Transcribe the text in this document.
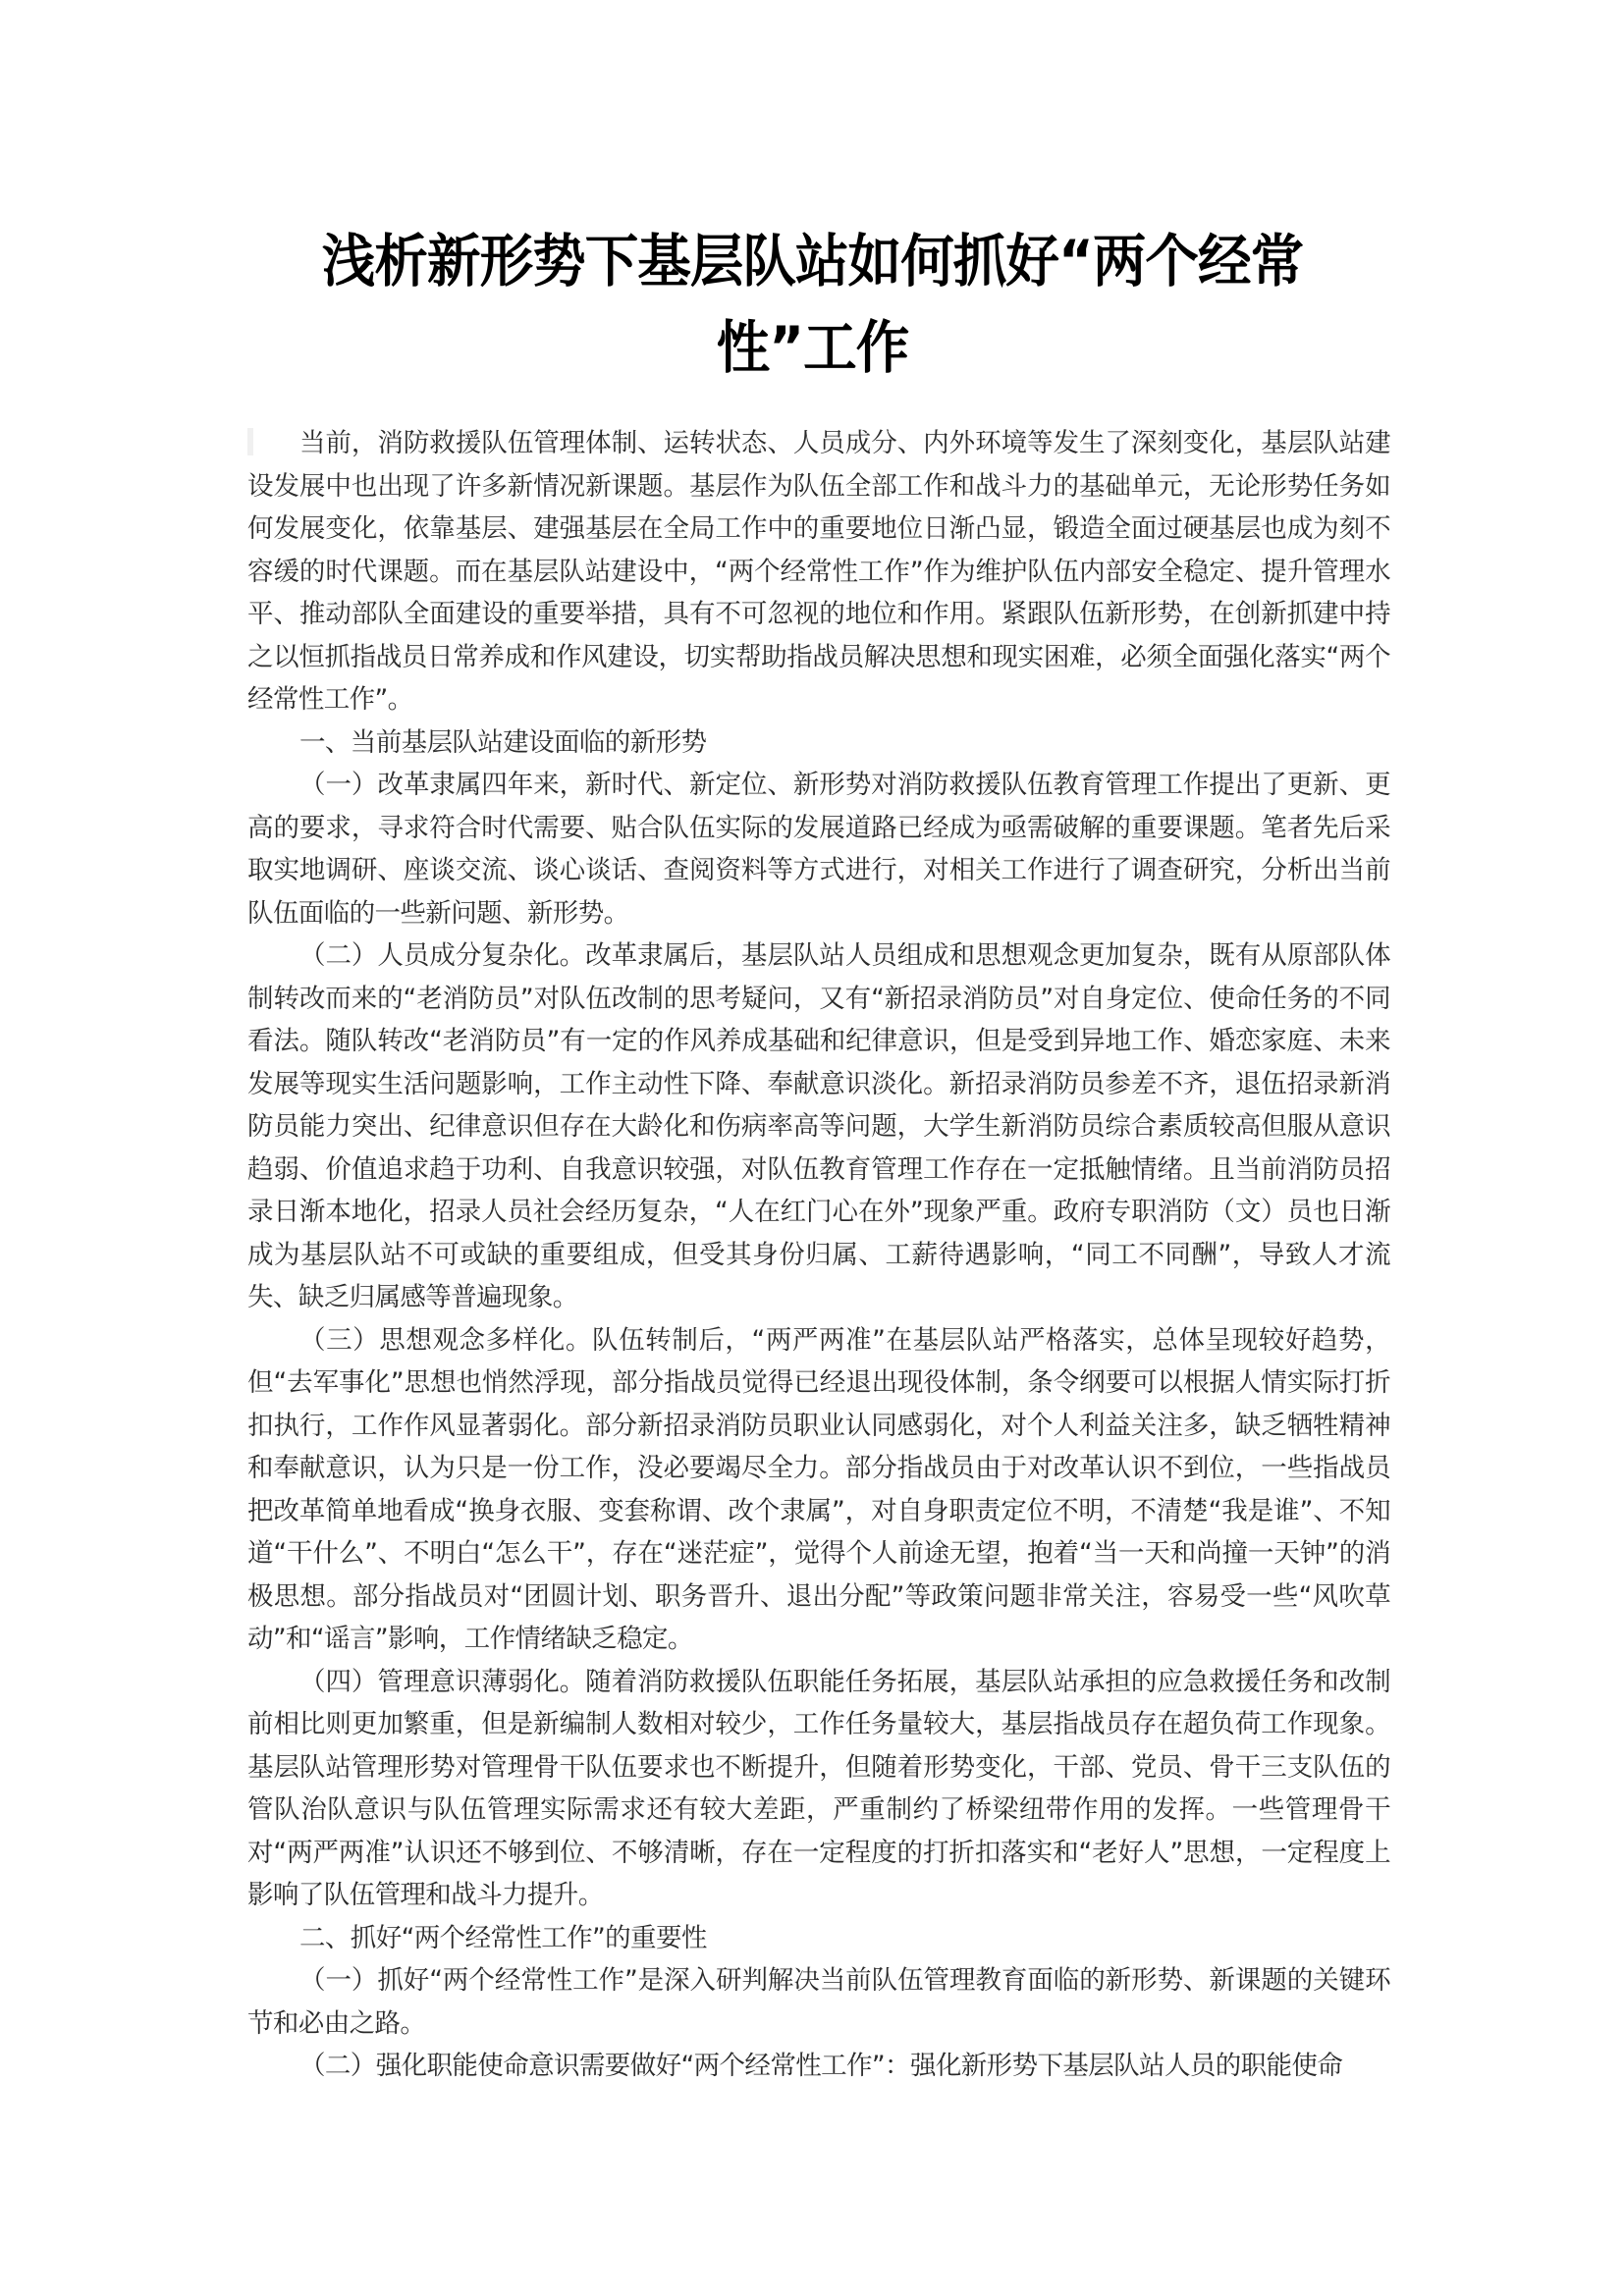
浅析新形势下基层队站如何抓好“两个经常性”工作

当前，消防救援队伍管理体制、运转状态、人员成分、内外环境等发生了深刻变化，基层队站建设发展中也出现了许多新情况新课题。基层作为队伍全部工作和战斗力的基础单元，无论形势任务如何发展变化，依靠基层、建强基层在全局工作中的重要地位日渐凸显，锻造全面过硬基层也成为刻不容缓的时代课题。而在基层队站建设中，“两个经常性工作”作为维护队伍内部安全稳定、提升管理水平、推动部队全面建设的重要举措，具有不可忽视的地位和作用。紧跟队伍新形势，在创新抓建中持之以恒抓指战员日常养成和作风建设，切实帮助指战员解决思想和现实困难，必须全面强化落实“两个经常性工作”。

一、当前基层队站建设面临的新形势

（一）改革隶属四年来，新时代、新定位、新形势对消防救援队伍教育管理工作提出了更新、更高的要求，寻求符合时代需要、贴合队伍实际的发展道路已经成为亟需破解的重要课题。笔者先后采取实地调研、座谈交流、谈心谈话、查阅资料等方式进行，对相关工作进行了调查研究，分析出当前队伍面临的一些新问题、新形势。

（二）人员成分复杂化。改革隶属后，基层队站人员组成和思想观念更加复杂，既有从原部队体制转改而来的“老消防员”对队伍改制的思考疑问，又有“新招录消防员”对自身定位、使命任务的不同看法。随队转改“老消防员”有一定的作风养成基础和纪律意识，但是受到异地工作、婚恋家庭、未来发展等现实生活问题影响，工作主动性下降、奉献意识淡化。新招录消防员参差不齐，退伍招录新消防员能力突出、纪律意识但存在大龄化和伤病率高等问题，大学生新消防员综合素质较高但服从意识趋弱、价值追求趋于功利、自我意识较强，对队伍教育管理工作存在一定抵触情绪。且当前消防员招录日渐本地化，招录人员社会经历复杂，“人在红门心在外”现象严重。政府专职消防（文）员也日渐成为基层队站不可或缺的重要组成，但受其身份归属、工薪待遇影响，“同工不同酬”，导致人才流失、缺乏归属感等普遍现象。

（三）思想观念多样化。队伍转制后，“两严两准”在基层队站严格落实，总体呈现较好趋势，但“去军事化”思想也悄然浮现，部分指战员觉得已经退出现役体制，条令纲要可以根据人情实际打折扣执行，工作作风显著弱化。部分新招录消防员职业认同感弱化，对个人利益关注多，缺乏牺牲精神和奉献意识，认为只是一份工作，没必要竭尽全力。部分指战员由于对改革认识不到位，一些指战员把改革简单地看成“换身衣服、变套称谓、改个隶属”，对自身职责定位不明，不清楚“我是谁”、不知道“干什么”、不明白“怎么干”，存在“迷茫症”，觉得个人前途无望，抱着“当一天和尚撞一天钟”的消极思想。部分指战员对“团圆计划、职务晋升、退出分配”等政策问题非常关注，容易受一些“风吹草动”和“谣言”影响，工作情绪缺乏稳定。

（四）管理意识薄弱化。随着消防救援队伍职能任务拓展，基层队站承担的应急救援任务和改制前相比则更加繁重，但是新编制人数相对较少，工作任务量较大，基层指战员存在超负荷工作现象。基层队站管理形势对管理骨干队伍要求也不断提升，但随着形势变化，干部、党员、骨干三支队伍的管队治队意识与队伍管理实际需求还有较大差距，严重制约了桥梁纽带作用的发挥。一些管理骨干对“两严两准”认识还不够到位、不够清晰，存在一定程度的打折扣落实和“老好人”思想，一定程度上影响了队伍管理和战斗力提升。

二、抓好“两个经常性工作”的重要性

（一）抓好“两个经常性工作”是深入研判解决当前队伍管理教育面临的新形势、新课题的关键环节和必由之路。

（二）强化职能使命意识需要做好“两个经常性工作”：强化新形势下基层队站人员的职能使命
